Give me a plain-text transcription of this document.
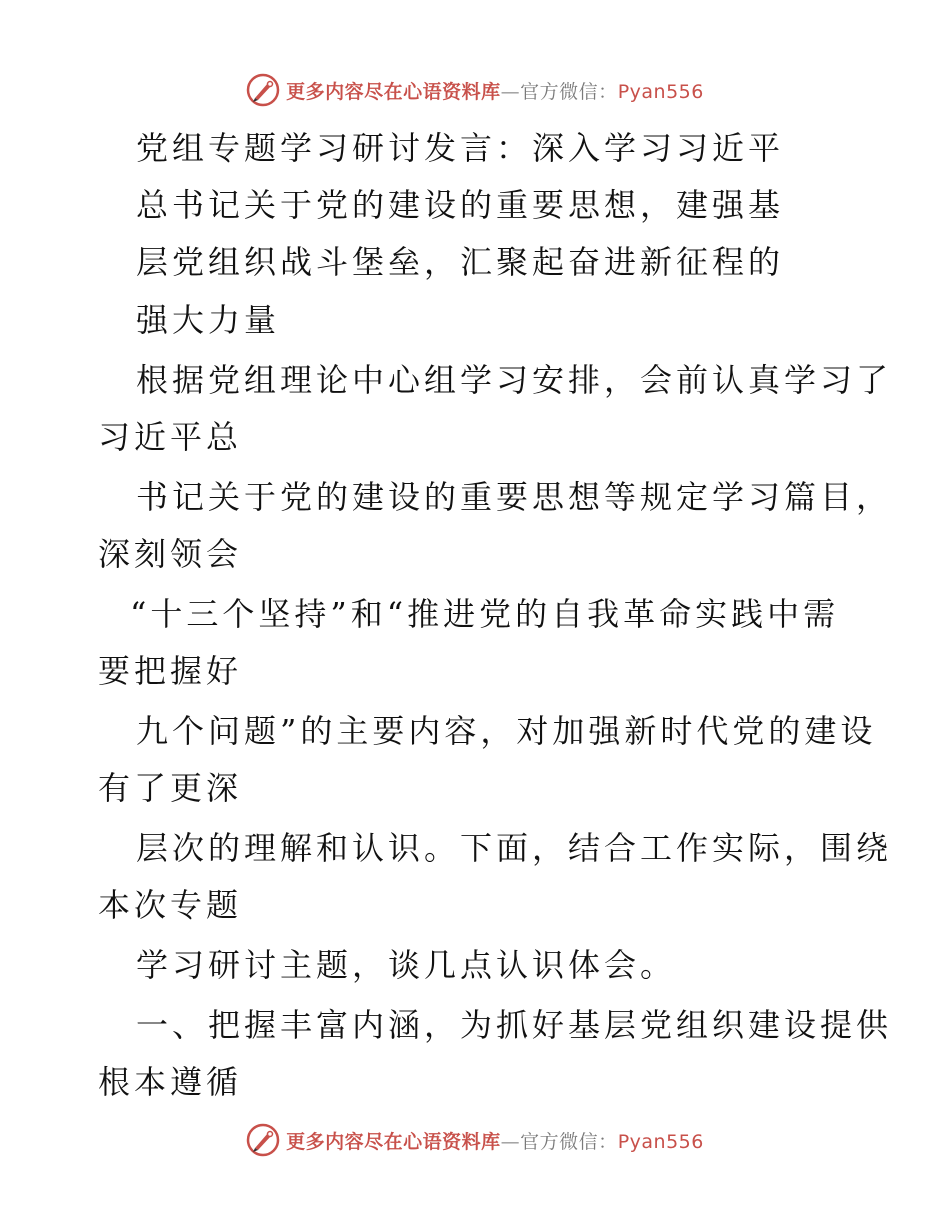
更多内容尽在心语资料库—官方微信：Pyan556
党组专题学习研讨发言：深入学习习近平
总书记关于党的建设的重要思想，建强基
层党组织战斗堡垒，汇聚起奋进新征程的
强大力量
根据党组理论中心组学习安排，会前认真学习了
习近平总
书记关于党的建设的重要思想等规定学习篇目，
深刻领会
“十三个坚持”和“推进党的自我革命实践中需
要把握好
九个问题”的主要内容，对加强新时代党的建设
有了更深
层次的理解和认识。下面，结合工作实际，围绕
本次专题
学习研讨主题，谈几点认识体会。
一、把握丰富内涵，为抓好基层党组织建设提供
根本遵循
更多内容尽在心语资料库—官方微信：Pyan556
